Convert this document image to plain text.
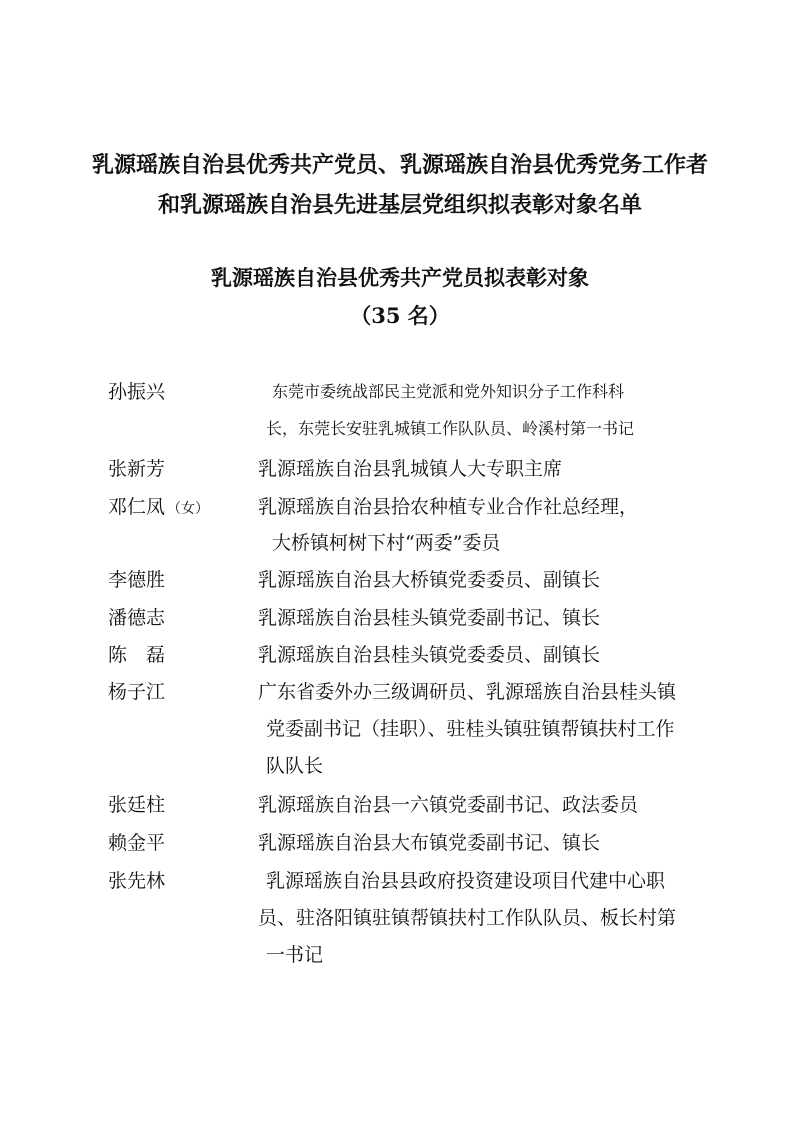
乳源瑶族自治县优秀共产党员、乳源瑶族自治县优秀党务工作者
和乳源瑶族自治县先进基层党组织拟表彰对象名单
乳源瑶族自治县优秀共产党员拟表彰对象
（35 名）
孙振兴	东莞市委统战部民主党派和党外知识分子工作科科
长，东莞长安驻乳城镇工作队队员、岭溪村第一书记
张新芳	乳源瑶族自治县乳城镇人大专职主席
邓仁凤 （女）	乳源瑶族自治县拾农种植专业合作社总经理，
大桥镇柯树下村“两委”委员
李德胜	乳源瑶族自治县大桥镇党委委员、副镇长
潘德志	乳源瑶族自治县桂头镇党委副书记、镇长
陈　磊	乳源瑶族自治县桂头镇党委委员、副镇长
杨子江	广东省委外办三级调研员、乳源瑶族自治县桂头镇
党委副书记（挂职）、驻桂头镇驻镇帮镇扶村工作
队队长
张廷柱	乳源瑶族自治县一六镇党委副书记、政法委员
赖金平	乳源瑶族自治县大布镇党委副书记、镇长
张先林	乳源瑶族自治县县政府投资建设项目代建中心职
员、驻洛阳镇驻镇帮镇扶村工作队队员、板长村第
一书记
